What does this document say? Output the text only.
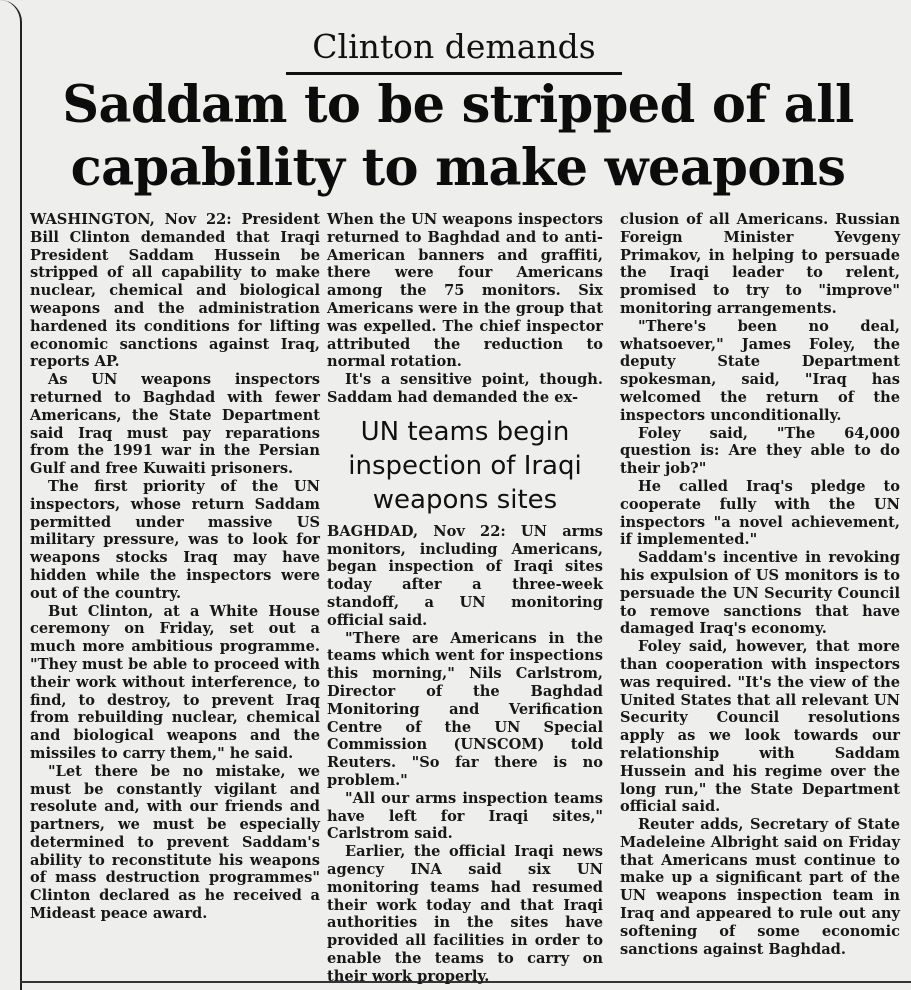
Clinton demands
Saddam to be stripped of all capability to make weapons

WASHINGTON, Nov 22: President Bill Clinton demanded that Iraqi President Saddam Hussein be stripped of all capability to make nuclear, chemical and biological weapons and the administration hardened its conditions for lifting economic sanctions against Iraq, reports AP.

As UN weapons inspectors returned to Baghdad with fewer Americans, the State Department said Iraq must pay reparations from the 1991 war in the Persian Gulf and free Kuwaiti prisoners.

The first priority of the UN inspectors, whose return Saddam permitted under massive US military pressure, was to look for weapons stocks Iraq may have hidden while the inspectors were out of the country.

But Clinton, at a White House ceremony on Friday, set out a much more ambitious programme. "They must be able to proceed with their work without interference, to find, to destroy, to prevent Iraq from rebuilding nuclear, chemical and biological weapons and the missiles to carry them," he said.

"Let there be no mistake, we must be constantly vigilant and resolute and, with our friends and partners, we must be especially determined to prevent Saddam's ability to reconstitute his weapons of mass destruction programmes" Clinton declared as he received a Mideast peace award.

When the UN weapons inspectors returned to Baghdad and to anti-American banners and graffiti, there were four Americans among the 75 monitors. Six Americans were in the group that was expelled. The chief inspector attributed the reduction to normal rotation.

It's a sensitive point, though. Saddam had demanded the ex-

UN teams begin inspection of Iraqi weapons sites

BAGHDAD, Nov 22: UN arms monitors, including Americans, began inspection of Iraqi sites today after a three-week standoff, a UN monitoring official said.

"There are Americans in the teams which went for inspections this morning," Nils Carlstrom, Director of the Baghdad Monitoring and Verification Centre of the UN Special Commission (UNSCOM) told Reuters. "So far there is no problem."

"All our arms inspection teams have left for Iraqi sites," Carlstrom said.

Earlier, the official Iraqi news agency INA said six UN monitoring teams had resumed their work today and that Iraqi authorities in the sites have provided all facilities in order to enable the teams to carry on their work properly.

clusion of all Americans. Russian Foreign Minister Yevgeny Primakov, in helping to persuade the Iraqi leader to relent, promised to try to "improve" monitoring arrangements.

"There's been no deal, whatsoever," James Foley, the deputy State Department spokesman, said, "Iraq has welcomed the return of the inspectors unconditionally.

Foley said, "The 64,000 question is: Are they able to do their job?"

He called Iraq's pledge to cooperate fully with the UN inspectors "a novel achievement, if implemented."

Saddam's incentive in revoking his expulsion of US monitors is to persuade the UN Security Council to remove sanctions that have damaged Iraq's economy.

Foley said, however, that more than cooperation with inspectors was required. "It's the view of the United States that all relevant UN Security Council resolutions apply as we look towards our relationship with Saddam Hussein and his regime over the long run," the State Department official said.

Reuter adds, Secretary of State Madeleine Albright said on Friday that Americans must continue to make up a significant part of the UN weapons inspection team in Iraq and appeared to rule out any softening of some economic sanctions against Baghdad.
